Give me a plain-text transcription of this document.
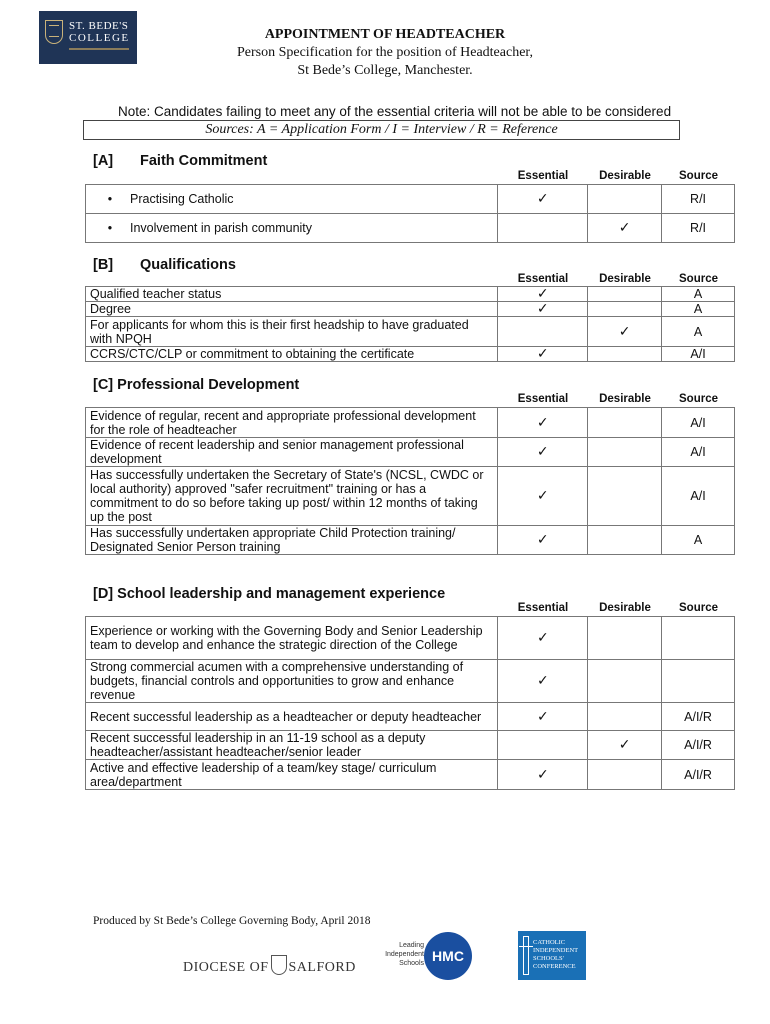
ST. BEDE'S
COLLEGE	APPOINTMENT OF HEADTEACHER
Person Specification for the position of Headteacher,
St Bede’s College, Manchester.
Note: Candidates failing to meet any of the essential criteria will not be able to be considered
Sources: A = Application Form / I = Interview / R = Reference
[A] Faith Commitment
Essential	Desirable	Source
• Practising Catholic	✓		R/I
• Involvement in parish community		✓	R/I
[B] Qualifications
Essential	Desirable	Source
Qualified teacher status	✓		A
Degree	✓		A
For applicants for whom this is their first headship to have graduated with NPQH		✓	A
CCRS/CTC/CLP or commitment to obtaining the certificate	✓		A/I
[C] Professional Development
Essential	Desirable	Source
Evidence of regular, recent and appropriate professional development for the role of headteacher	✓		A/I
Evidence of recent leadership and senior management professional development	✓		A/I
Has successfully undertaken the Secretary of State's (NCSL, CWDC or local authority) approved "safer recruitment" training or has a commitment to do so before taking up post/ within 12 months of taking up the post	✓		A/I
Has successfully undertaken appropriate Child Protection training/ Designated Senior Person training	✓		A
[D] School leadership and management experience
Essential	Desirable	Source
Experience or working with the Governing Body and Senior Leadership team to develop and enhance the strategic direction of the College	✓		
Strong commercial acumen with a comprehensive understanding of budgets, financial controls and opportunities to grow and enhance revenue	✓		
Recent successful leadership as a headteacher or deputy headteacher	✓		A/I/R
Recent successful leadership in an 11-19 school as a deputy headteacher/assistant headteacher/senior leader		✓	A/I/R
Active and effective leadership of a team/key stage/ curriculum area/department	✓		A/I/R
Produced by St Bede’s College Governing Body, April 2018
DIOCESE OF SALFORD
Leading
Independent
Schools HMC
CATHOLIC
INDEPENDENT
SCHOOLS'
CONFERENCE
